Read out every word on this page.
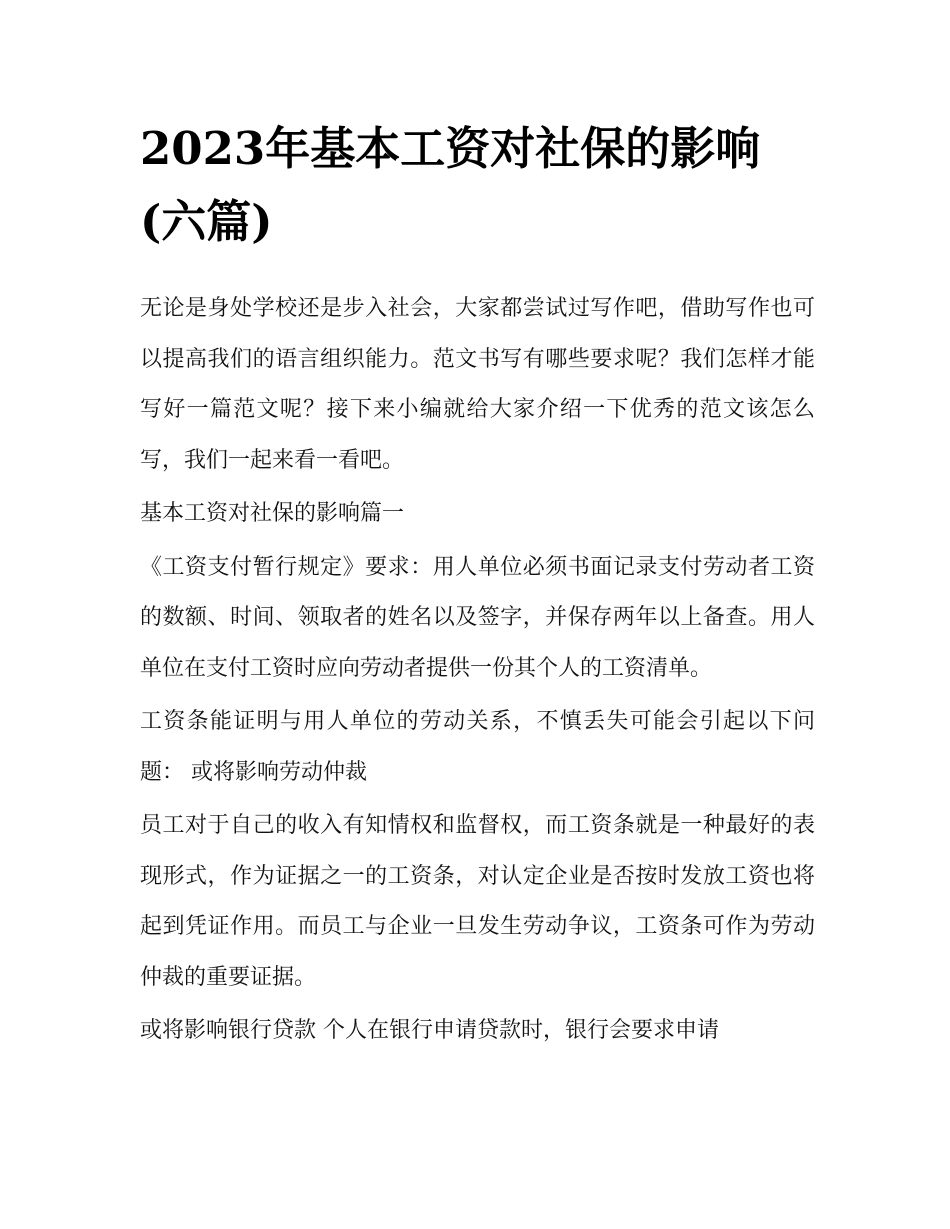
2023年基本工资对社保的影响(六篇)

无论是身处学校还是步入社会，大家都尝试过写作吧，借助写作也可以提高我们的语言组织能力。范文书写有哪些要求呢？我们怎样才能写好一篇范文呢？接下来小编就给大家介绍一下优秀的范文该怎么写，我们一起来看一看吧。

基本工资对社保的影响篇一

《工资支付暂行规定》要求：用人单位必须书面记录支付劳动者工资的数额、时间、领取者的姓名以及签字，并保存两年以上备查。用人单位在支付工资时应向劳动者提供一份其个人的工资清单。

工资条能证明与用人单位的劳动关系，不慎丢失可能会引起以下问题： 或将影响劳动仲裁

员工对于自己的收入有知情权和监督权，而工资条就是一种最好的表现形式，作为证据之一的工资条，对认定企业是否按时发放工资也将起到凭证作用。而员工与企业一旦发生劳动争议，工资条可作为劳动仲裁的重要证据。

或将影响银行贷款 个人在银行申请贷款时，银行会要求申请
